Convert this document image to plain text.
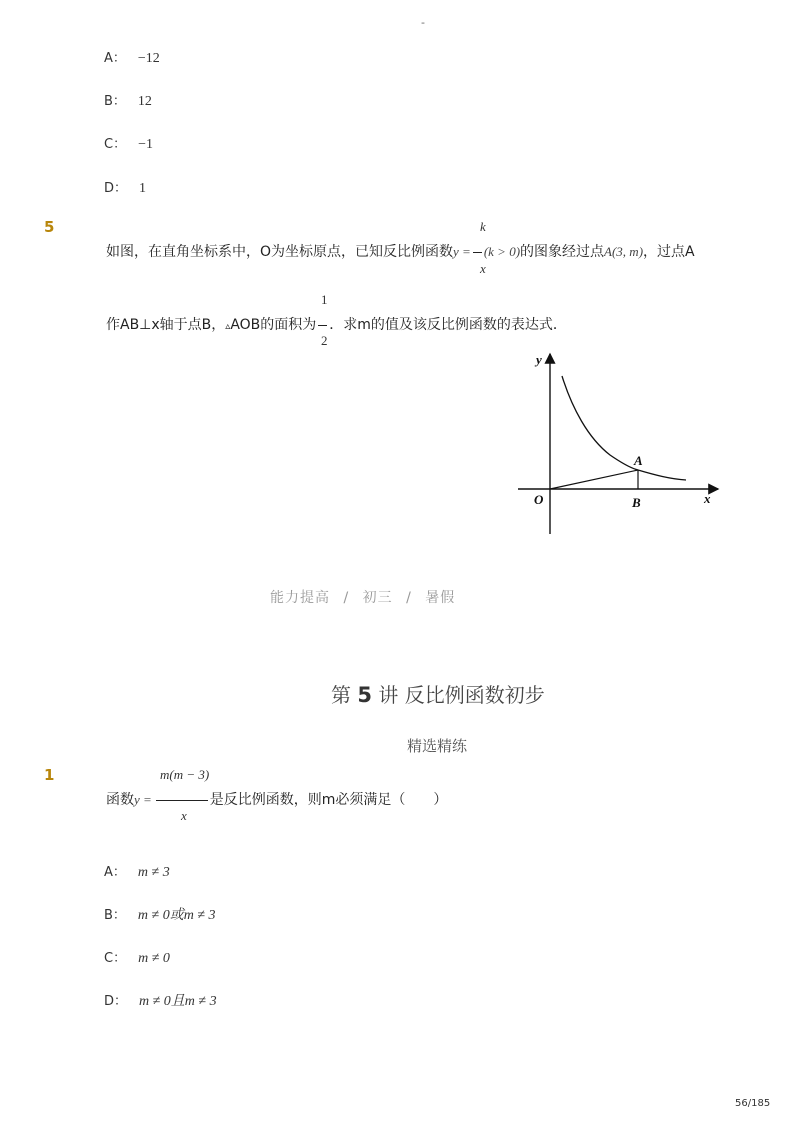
-
A： −12
B： 12
C： −1
D： 1
5	k
x
如图，在直角坐标系中，O为坐标原点，已知反比例函数y = (k > 0)的图象经过点A(3, m)，过点A
1
2
作AB⊥x轴于点B，▵AOB的面积为 ．求m的值及该反比例函数的表达式．
y
x
O
A
B
能力提高 / 初三 / 暑假
第 5 讲 反比例函数初步
精选精练
1	m(m − 3)
x
函数y =	是反比例函数，则m必须满足（　　）
A： m ≠ 3
B： m ≠ 0或m ≠ 3
C： m ≠ 0
D： m ≠ 0且m ≠ 3
56/185
